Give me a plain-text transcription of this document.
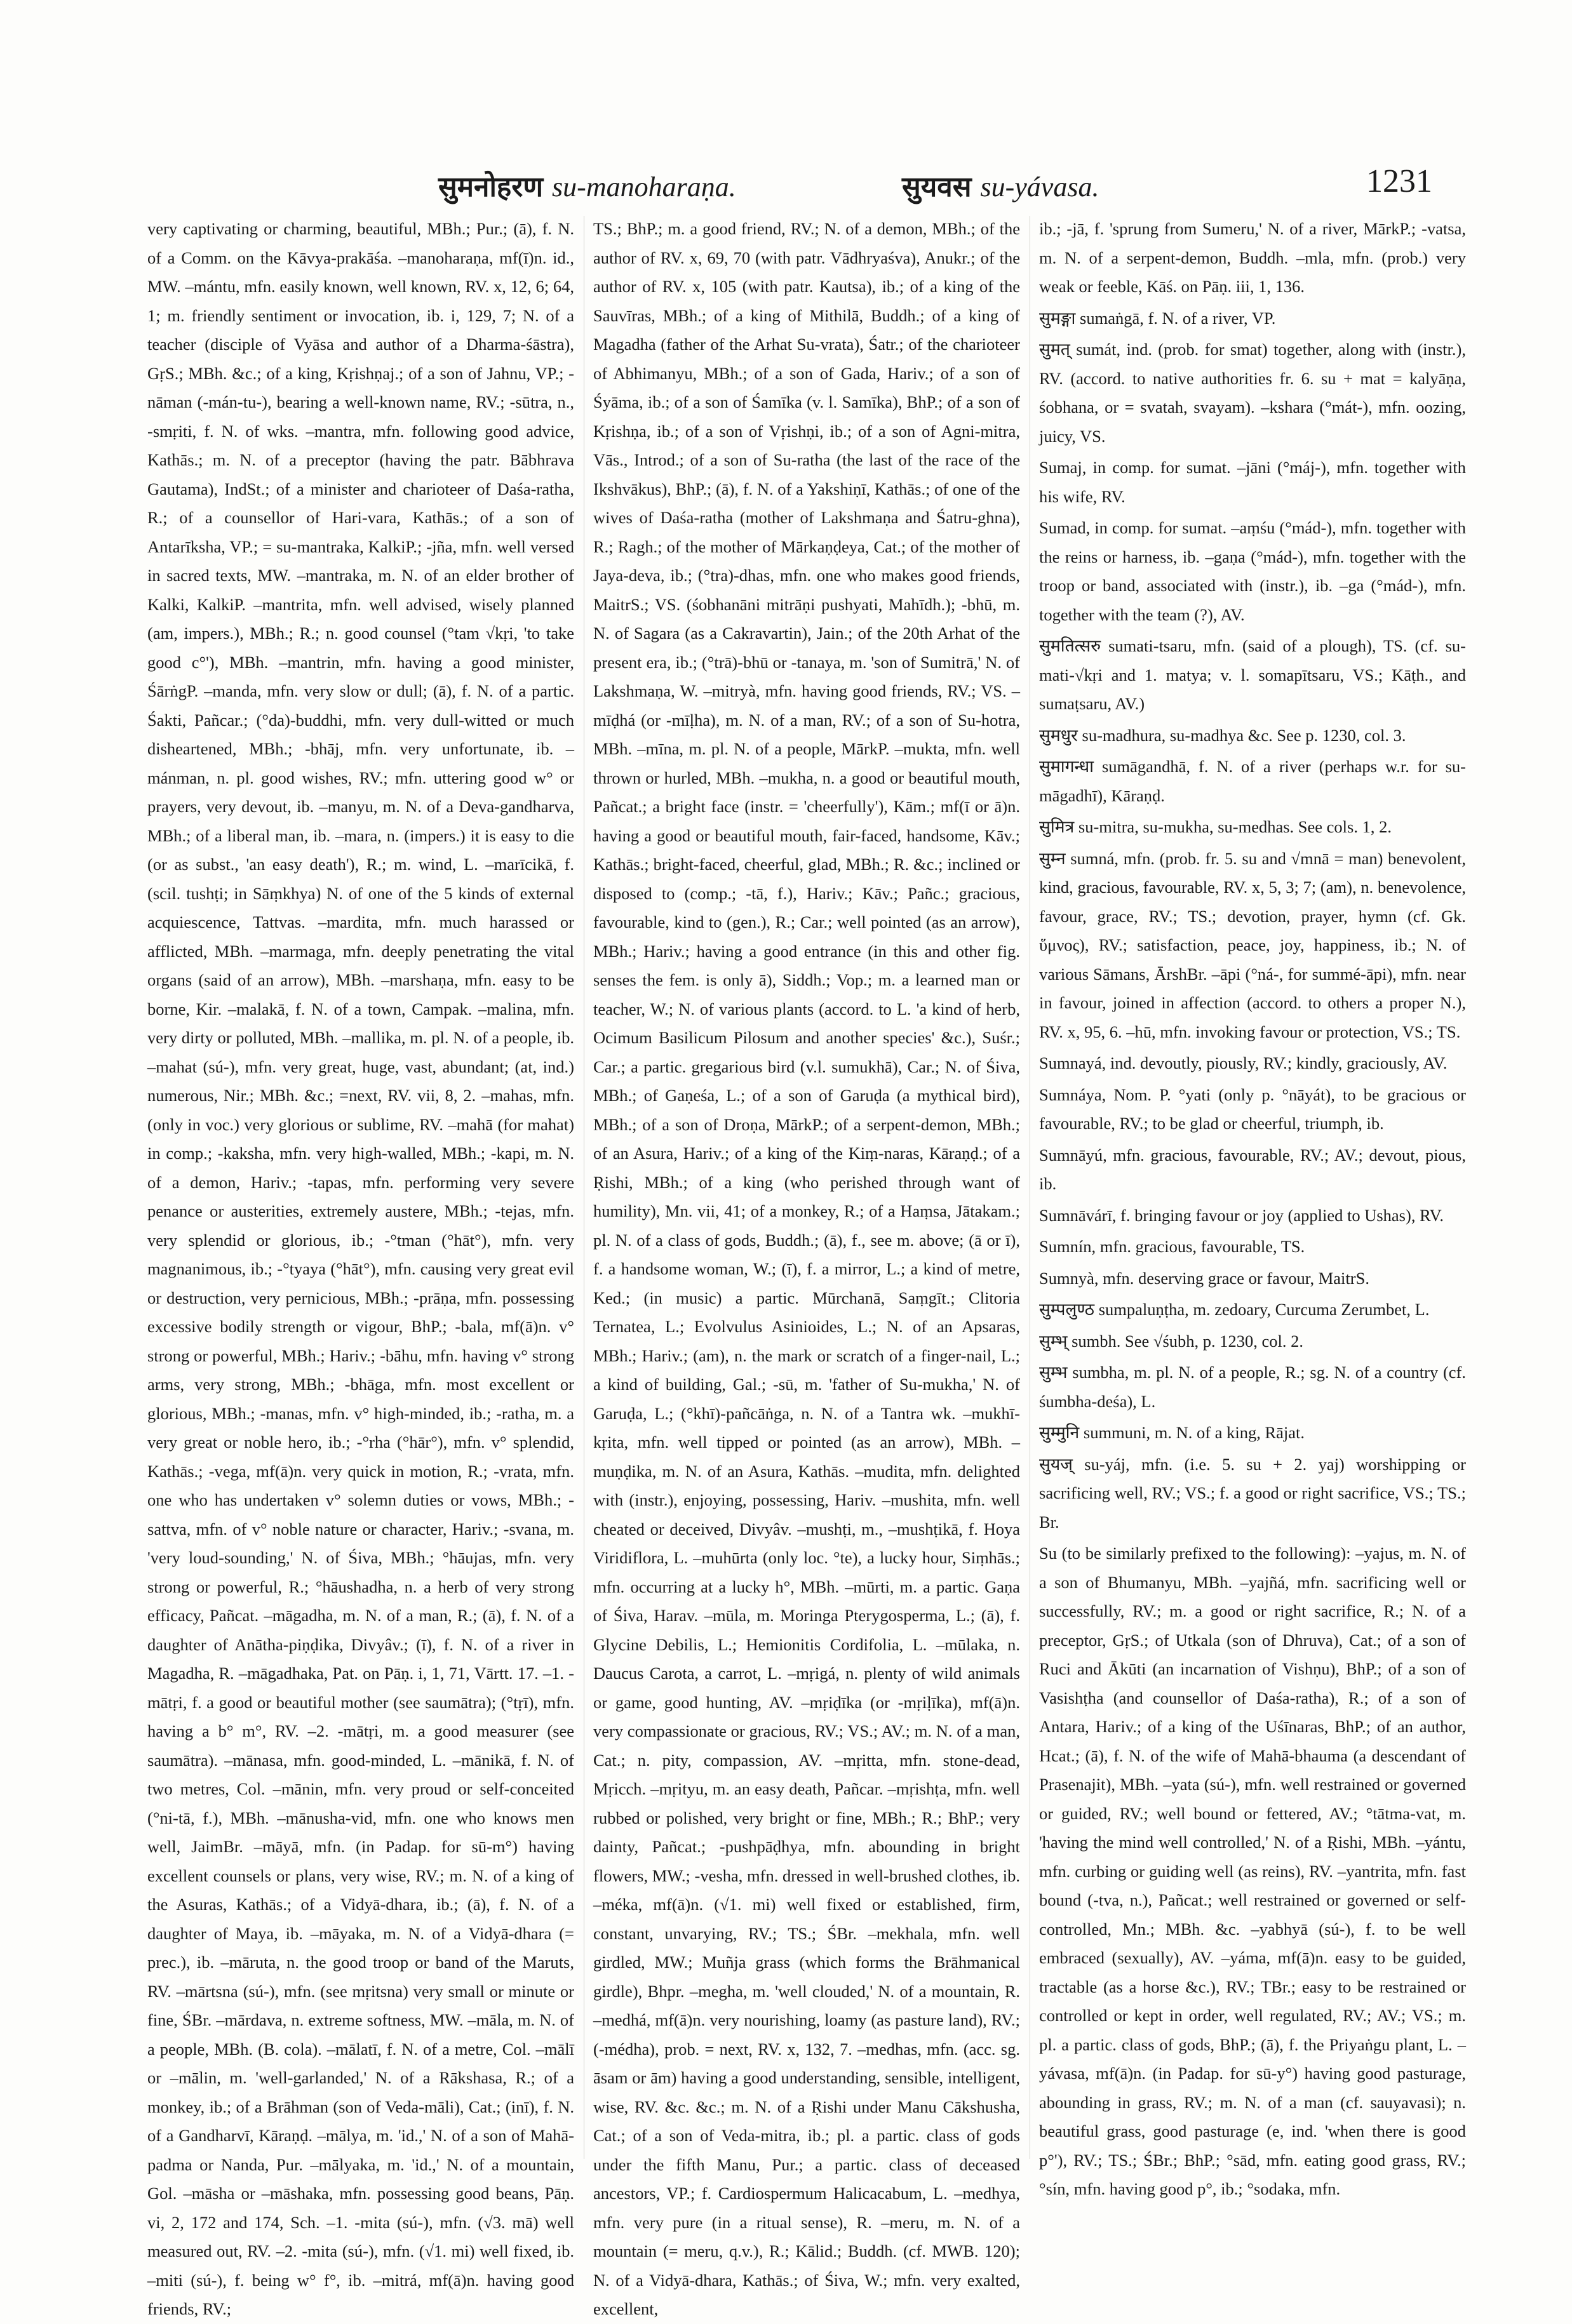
सुमनोहरण su-manoharaṇa.	सुयवस su-yávasa.	1231

very captivating or charming, beautiful, MBh.; Pur.; (ā), f. N. of a Comm. on the Kāvya-prakāśa. –manoharaṇa, mf(ī)n. id., MW. –mántu, mfn. easily known, well known, RV. x, 12, 6; 64, 1; m. friendly sentiment or invocation, ib. i, 129, 7; N. of a teacher (disciple of Vyāsa and author of a Dharma-śāstra), GṛS.; MBh. &c.; of a king, Kṛishṇaj.; of a son of Jahnu, VP.; -nāman (-mán-tu-), bearing a well-known name, RV.; -sūtra, n., -smṛiti, f. N. of wks. –mantra, mfn. following good advice, Kathās.; m. N. of a preceptor (having the patr. Bābhrava Gautama), IndSt.; of a minister and charioteer of Daśa-ratha, R.; of a counsellor of Hari-vara, Kathās.; of a son of Antarīksha, VP.; = su-mantraka, KalkiP.; -jña, mfn. well versed in sacred texts, MW. –mantraka, m. N. of an elder brother of Kalki, KalkiP. –mantrita, mfn. well advised, wisely planned (am, impers.), MBh.; R.; n. good counsel (°tam √kṛi, 'to take good c°'), MBh. –mantrin, mfn. having a good minister, ŚārṅgP. –manda, mfn. very slow or dull; (ā), f. N. of a partic. Śakti, Pañcar.; (°da)-buddhi, mfn. very dull-witted or much disheartened, MBh.; -bhāj, mfn. very unfortunate, ib. –mánman, n. pl. good wishes, RV.; mfn. uttering good w° or prayers, very devout, ib. –manyu, m. N. of a Deva-gandharva, MBh.; of a liberal man, ib. –mara, n. (impers.) it is easy to die (or as subst., 'an easy death'), R.; m. wind, L. –marīcikā, f. (scil. tushṭi; in Sāṃkhya) N. of one of the 5 kinds of external acquiescence, Tattvas. –mardita, mfn. much harassed or afflicted, MBh. –marmaga, mfn. deeply penetrating the vital organs (said of an arrow), MBh. –marshaṇa, mfn. easy to be borne, Kir. –malakā, f. N. of a town, Campak. –malina, mfn. very dirty or polluted, MBh. –mallika, m. pl. N. of a people, ib. –mahat (sú-), mfn. very great, huge, vast, abundant; (at, ind.) numerous, Nir.; MBh. &c.; =next, RV. vii, 8, 2. –mahas, mfn. (only in voc.) very glorious or sublime, RV. –mahā (for mahat) in comp.; -kaksha, mfn. very high-walled, MBh.; -kapi, m. N. of a demon, Hariv.; -tapas, mfn. performing very severe penance or austerities, extremely austere, MBh.; -tejas, mfn. very splendid or glorious, ib.; -°tman (°hāt°), mfn. very magnanimous, ib.; -°tyaya (°hāt°), mfn. causing very great evil or destruction, very pernicious, MBh.; -prāṇa, mfn. possessing excessive bodily strength or vigour, BhP.; -bala, mf(ā)n. v° strong or powerful, MBh.; Hariv.; -bāhu, mfn. having v° strong arms, very strong, MBh.; -bhāga, mfn. most excellent or glorious, MBh.; -manas, mfn. v° high-minded, ib.; -ratha, m. a very great or noble hero, ib.; -°rha (°hār°), mfn. v° splendid, Kathās.; -vega, mf(ā)n. very quick in motion, R.; -vrata, mfn. one who has undertaken v° solemn duties or vows, MBh.; -sattva, mfn. of v° noble nature or character, Hariv.; -svana, m. 'very loud-sounding,' N. of Śiva, MBh.; °hāujas, mfn. very strong or powerful, R.; °hāushadha, n. a herb of very strong efficacy, Pañcat. –māgadha, m. N. of a man, R.; (ā), f. N. of a daughter of Anātha-piṇḍika, Divyâv.; (ī), f. N. of a river in Magadha, R. –māgadhaka, Pat. on Pāṇ. i, 1, 71, Vārtt. 17. –1. -mātṛi, f. a good or beautiful mother (see saumātra); (°tṛī), mfn. having a b° m°, RV. –2. -mātṛi, m. a good measurer (see saumātra). –mānasa, mfn. good-minded, L. –mānikā, f. N. of two metres, Col. –mānin, mfn. very proud or self-conceited (°ni-tā, f.), MBh. –mānusha-vid, mfn. one who knows men well, JaimBr. –māyā, mfn. (in Padap. for sū-m°) having excellent counsels or plans, very wise, RV.; m. N. of a king of the Asuras, Kathās.; of a Vidyā-dhara, ib.; (ā), f. N. of a daughter of Maya, ib. –māyaka, m. N. of a Vidyā-dhara (= prec.), ib. –māruta, n. the good troop or band of the Maruts, RV. –mārtsna (sú-), mfn. (see mṛitsna) very small or minute or fine, ŚBr. –mārdava, n. extreme softness, MW. –māla, m. N. of a people, MBh. (B. cola). –mālatī, f. N. of a metre, Col. –mālī or –mālin, m. 'well-garlanded,' N. of a Rākshasa, R.; of a monkey, ib.; of a Brāhman (son of Veda-māli), Cat.; (inī), f. N. of a Gandharvī, Kāraṇḍ. –mālya, m. 'id.,' N. of a son of Mahā-padma or Nanda, Pur. –mālyaka, m. 'id.,' N. of a mountain, Gol. –māsha or –māshaka, mfn. possessing good beans, Pāṇ. vi, 2, 172 and 174, Sch. –1. -mita (sú-), mfn. (√3. mā) well measured out, RV. –2. -mita (sú-), mfn. (√1. mi) well fixed, ib. –miti (sú-), f. being w° f°, ib. –mitrá, mf(ā)n. having good friends, RV.;

TS.; BhP.; m. a good friend, RV.; N. of a demon, MBh.; of the author of RV. x, 69, 70 (with patr. Vādhryaśva), Anukr.; of the author of RV. x, 105 (with patr. Kautsa), ib.; of a king of the Sauvīras, MBh.; of a king of Mithilā, Buddh.; of a king of Magadha (father of the Arhat Su-vrata), Śatr.; of the charioteer of Abhimanyu, MBh.; of a son of Gada, Hariv.; of a son of Śyāma, ib.; of a son of Śamīka (v. l. Samīka), BhP.; of a son of Kṛishṇa, ib.; of a son of Vṛishṇi, ib.; of a son of Agni-mitra, Vās., Introd.; of a son of Su-ratha (the last of the race of the Ikshvākus), BhP.; (ā), f. N. of a Yakshiṇī, Kathās.; of one of the wives of Daśa-ratha (mother of Lakshmaṇa and Śatru-ghna), R.; Ragh.; of the mother of Mārkaṇḍeya, Cat.; of the mother of Jaya-deva, ib.; (°tra)-dhas, mfn. one who makes good friends, MaitrS.; VS. (śobhanāni mitrāṇi pushyati, Mahīdh.); -bhū, m. N. of Sagara (as a Cakravartin), Jain.; of the 20th Arhat of the present era, ib.; (°trā)-bhū or -tanaya, m. 'son of Sumitrā,' N. of Lakshmaṇa, W. –mitryà, mfn. having good friends, RV.; VS. –mīḍhá (or -mīḷha), m. N. of a man, RV.; of a son of Su-hotra, MBh. –mīna, m. pl. N. of a people, MārkP. –mukta, mfn. well thrown or hurled, MBh. –mukha, n. a good or beautiful mouth, Pañcat.; a bright face (instr. = 'cheerfully'), Kām.; mf(ī or ā)n. having a good or beautiful mouth, fair-faced, handsome, Kāv.; Kathās.; bright-faced, cheerful, glad, MBh.; R. &c.; inclined or disposed to (comp.; -tā, f.), Hariv.; Kāv.; Pañc.; gracious, favourable, kind to (gen.), R.; Car.; well pointed (as an arrow), MBh.; Hariv.; having a good entrance (in this and other fig. senses the fem. is only ā), Siddh.; Vop.; m. a learned man or teacher, W.; N. of various plants (accord. to L. 'a kind of herb, Ocimum Basilicum Pilosum and another species' &c.), Suśr.; Car.; a partic. gregarious bird (v.l. sumukhā), Car.; N. of Śiva, MBh.; of Gaṇeśa, L.; of a son of Garuḍa (a mythical bird), MBh.; of a son of Droṇa, MārkP.; of a serpent-demon, MBh.; of an Asura, Hariv.; of a king of the Kiṃ-naras, Kāraṇḍ.; of a Ṛishi, MBh.; of a king (who perished through want of humility), Mn. vii, 41; of a monkey, R.; of a Haṃsa, Jātakam.; pl. N. of a class of gods, Buddh.; (ā), f., see m. above; (ā or ī), f. a handsome woman, W.; (ī), f. a mirror, L.; a kind of metre, Ked.; (in music) a partic. Mūrchanā, Saṃgīt.; Clitoria Ternatea, L.; Evolvulus Asinioides, L.; N. of an Apsaras, MBh.; Hariv.; (am), n. the mark or scratch of a finger-nail, L.; a kind of building, Gal.; -sū, m. 'father of Su-mukha,' N. of Garuḍa, L.; (°khī)-pañcāṅga, n. N. of a Tantra wk. –mukhī-kṛita, mfn. well tipped or pointed (as an arrow), MBh. –muṇḍika, m. N. of an Asura, Kathās. –mudita, mfn. delighted with (instr.), enjoying, possessing, Hariv. –mushita, mfn. well cheated or deceived, Divyâv. –mushṭi, m., –mushṭikā, f. Hoya Viridiflora, L. –muhūrta (only loc. °te), a lucky hour, Siṃhās.; mfn. occurring at a lucky h°, MBh. –mūrti, m. a partic. Gaṇa of Śiva, Harav. –mūla, m. Moringa Pterygosperma, L.; (ā), f. Glycine Debilis, L.; Hemionitis Cordifolia, L. –mūlaka, n. Daucus Carota, a carrot, L. –mṛigá, n. plenty of wild animals or game, good hunting, AV. –mṛiḍīka (or -mṛiḷīka), mf(ā)n. very compassionate or gracious, RV.; VS.; AV.; m. N. of a man, Cat.; n. pity, compassion, AV. –mṛitta, mfn. stone-dead, Mṛicch. –mṛityu, m. an easy death, Pañcar. –mṛishṭa, mfn. well rubbed or polished, very bright or fine, MBh.; R.; BhP.; very dainty, Pañcat.; -pushpāḍhya, mfn. abounding in bright flowers, MW.; -vesha, mfn. dressed in well-brushed clothes, ib. –méka, mf(ā)n. (√1. mi) well fixed or established, firm, constant, unvarying, RV.; TS.; ŚBr. –mekhala, mfn. well girdled, MW.; Muñja grass (which forms the Brāhmanical girdle), Bhpr. –megha, m. 'well clouded,' N. of a mountain, R. –medhá, mf(ā)n. very nourishing, loamy (as pasture land), RV.; (-médha), prob. = next, RV. x, 132, 7. –medhas, mfn. (acc. sg. āsam or ām) having a good understanding, sensible, intelligent, wise, RV. &c. &c.; m. N. of a Ṛishi under Manu Cākshusha, Cat.; of a son of Veda-mitra, ib.; pl. a partic. class of gods under the fifth Manu, Pur.; a partic. class of deceased ancestors, VP.; f. Cardiospermum Halicacabum, L. –medhya, mfn. very pure (in a ritual sense), R. –meru, m. N. of a mountain (= meru, q.v.), R.; Kālid.; Buddh. (cf. MWB. 120); N. of a Vidyā-dhara, Kathās.; of Śiva, W.; mfn. very exalted, excellent,

ib.; -jā, f. 'sprung from Sumeru,' N. of a river, MārkP.; -vatsa, m. N. of a serpent-demon, Buddh. –mla, mfn. (prob.) very weak or feeble, Kāś. on Pāṇ. iii, 1, 136.

सुमङ्गा sumaṅgā, f. N. of a river, VP.

सुमत् sumát, ind. (prob. for smat) together, along with (instr.), RV. (accord. to native authorities fr. 6. su + mat = kalyāṇa, śobhana, or = svatah, svayam). –kshara (°mát-), mfn. oozing, juicy, VS.

Sumaj, in comp. for sumat. –jāni (°máj-), mfn. together with his wife, RV.

Sumad, in comp. for sumat. –aṃśu (°mád-), mfn. together with the reins or harness, ib. –gaṇa (°mád-), mfn. together with the troop or band, associated with (instr.), ib. –ga (°mád-), mfn. together with the team (?), AV.

सुमतित्सरु sumati-tsaru, mfn. (said of a plough), TS. (cf. su-mati-√kṛi and 1. matya; v. l. somapītsaru, VS.; Kāṭh., and sumaṭsaru, AV.)

सुमधुर su-madhura, su-madhya &c. See p. 1230, col. 3.

सुमागन्धा sumāgandhā, f. N. of a river (perhaps w.r. for su-māgadhī), Kāraṇḍ.

सुमित्र su-mitra, su-mukha, su-medhas. See cols. 1, 2.

सुम्न sumná, mfn. (prob. fr. 5. su and √mnā = man) benevolent, kind, gracious, favourable, RV. x, 5, 3; 7; (am), n. benevolence, favour, grace, RV.; TS.; devotion, prayer, hymn (cf. Gk. ὕμνος), RV.; satisfaction, peace, joy, happiness, ib.; N. of various Sāmans, ĀrshBr. –āpi (°ná-, for summé-āpi), mfn. near in favour, joined in affection (accord. to others a proper N.), RV. x, 95, 6. –hū, mfn. invoking favour or protection, VS.; TS.

Sumnayá, ind. devoutly, piously, RV.; kindly, graciously, AV.

Sumnáya, Nom. P. °yati (only p. °nāyát), to be gracious or favourable, RV.; to be glad or cheerful, triumph, ib.

Sumnāyú, mfn. gracious, favourable, RV.; AV.; devout, pious, ib.

Sumnāvárī, f. bringing favour or joy (applied to Ushas), RV.

Sumnín, mfn. gracious, favourable, TS.

Sumnyà, mfn. deserving grace or favour, MaitrS.

सुम्पलुण्ठ sumpaluṇṭha, m. zedoary, Curcuma Zerumbet, L.

सुम्भ् sumbh. See √śubh, p. 1230, col. 2.

सुम्भ sumbha, m. pl. N. of a people, R.; sg. N. of a country (cf. śumbha-deśa), L.

सुम्मुनि summuni, m. N. of a king, Rājat.

सुयज् su-yáj, mfn. (i.e. 5. su + 2. yaj) worshipping or sacrificing well, RV.; VS.; f. a good or right sacrifice, VS.; TS.; Br.

Su (to be similarly prefixed to the following): –yajus, m. N. of a son of Bhumanyu, MBh. –yajñá, mfn. sacrificing well or successfully, RV.; m. a good or right sacrifice, R.; N. of a preceptor, GṛS.; of Utkala (son of Dhruva), Cat.; of a son of Ruci and Ākūti (an incarnation of Vishṇu), BhP.; of a son of Vasishṭha (and counsellor of Daśa-ratha), R.; of a son of Antara, Hariv.; of a king of the Uśīnaras, BhP.; of an author, Hcat.; (ā), f. N. of the wife of Mahā-bhauma (a descendant of Prasenajit), MBh. –yata (sú-), mfn. well restrained or governed or guided, RV.; well bound or fettered, AV.; °tātma-vat, m. 'having the mind well controlled,' N. of a Ṛishi, MBh. –yántu, mfn. curbing or guiding well (as reins), RV. –yantrita, mfn. fast bound (-tva, n.), Pañcat.; well restrained or governed or self-controlled, Mn.; MBh. &c. –yabhyā (sú-), f. to be well embraced (sexually), AV. –yáma, mf(ā)n. easy to be guided, tractable (as a horse &c.), RV.; TBr.; easy to be restrained or controlled or kept in order, well regulated, RV.; AV.; VS.; m. pl. a partic. class of gods, BhP.; (ā), f. the Priyaṅgu plant, L. –yávasa, mf(ā)n. (in Padap. for sū-y°) having good pasturage, abounding in grass, RV.; m. N. of a man (cf. sauyavasi); n. beautiful grass, good pasturage (e, ind. 'when there is good p°'), RV.; TS.; ŚBr.; BhP.; °sād, mfn. eating good grass, RV.; °sín, mfn. having good p°, ib.; °sodaka, mfn.
